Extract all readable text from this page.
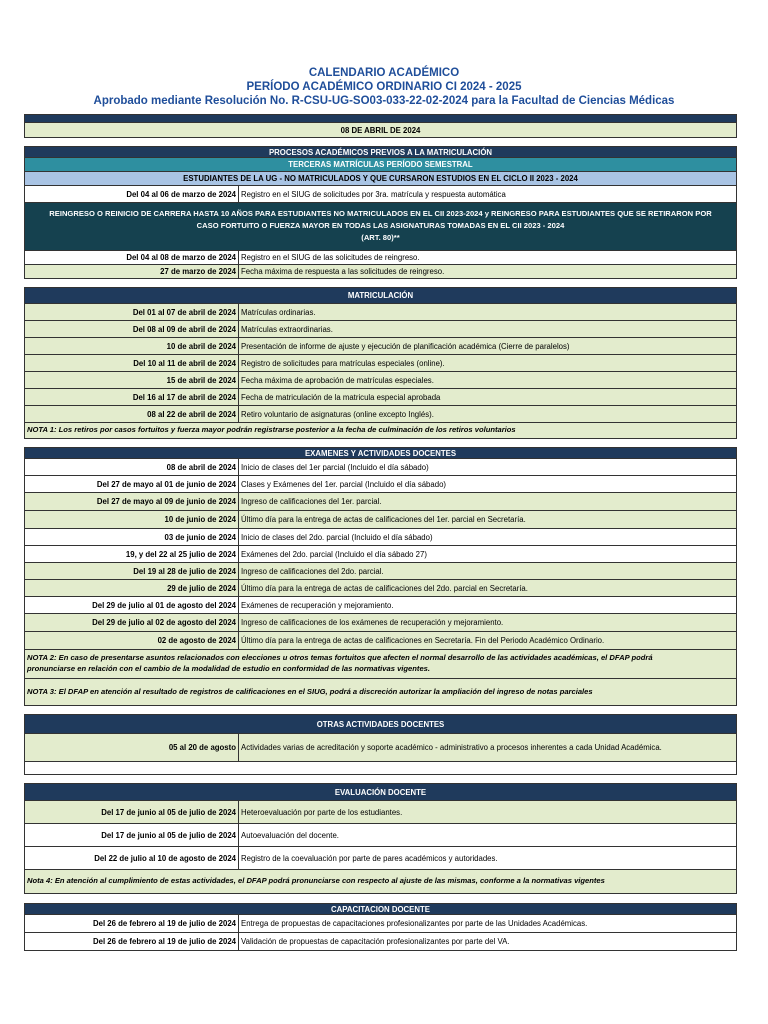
CALENDARIO ACADÉMICO
PERÍODO ACADÉMICO ORDINARIO CI 2024 - 2025
Aprobado mediante Resolución No. R-CSU-UG-SO03-033-22-02-2024 para la Facultad de Ciencias Médicas
08 DE ABRIL DE 2024
PROCESOS ACADÉMICOS PREVIOS A LA MATRICULACIÓN
TERCERAS MATRÍCULAS PERÍODO SEMESTRAL
ESTUDIANTES DE LA UG - NO MATRICULADOS Y QUE CURSARON ESTUDIOS EN EL CICLO II 2023 - 2024
Del 04 al 06 de marzo de 2024 Registro en el SIUG de solicitudes por 3ra. matrícula y respuesta automática
REINGRESO O REINICIO DE CARRERA HASTA 10 AÑOS PARA ESTUDIANTES NO MATRICULADOS EN EL CII 2023-2024 y REINGRESO PARA ESTUDIANTES QUE SE RETIRARON POR
CASO FORTUITO O FUERZA MAYOR EN TODAS LAS ASIGNATURAS TOMADAS EN EL CII 2023 - 2024
(ART. 80)**
Del 04 al 08 de marzo de 2024 Registro en el SIUG de las solicitudes de reingreso.
27 de marzo de 2024 Fecha máxima de respuesta a las solicitudes de reingreso.
MATRICULACIÓN
Del 01 al 07 de abril de 2024 Matrículas ordinarias.
Del 08 al 09 de abril de 2024 Matrículas extraordinarias.
10 de abril de 2024 Presentación de informe de ajuste y ejecución de planificación académica (Cierre de paralelos)
Del 10 al 11 de abril de 2024 Registro de solicitudes para matrículas especiales (online).
15 de abril de 2024 Fecha máxima de aprobación de matrículas especiales.
Del 16 al 17 de abril de 2024 Fecha de matriculación de la matricula especial aprobada
08 al 22 de abril de 2024 Retiro voluntario de asignaturas (online excepto Inglés).
NOTA 1: Los retiros por casos fortuitos y fuerza mayor podrán registrarse posterior a la fecha de culminación de los retiros voluntarios
EXAMENES Y ACTIVIDADES DOCENTES
08 de abril de 2024 Inicio de clases del 1er parcial (Incluido el día sábado)
Del 27 de mayo al 01 de junio de 2024 Clases y Exámenes del 1er. parcial (Incluido el día sábado)
Del 27 de mayo al 09 de junio de 2024 Ingreso de calificaciones del 1er. parcial.
10 de junio de 2024 Último día para la entrega de actas de calificaciones del 1er. parcial en Secretaría.
03 de junio de 2024 Inicio de clases del 2do. parcial (Incluido el día sábado)
19, y del 22 al 25 julio de 2024 Exámenes del 2do. parcial (Incluido el día sábado 27)
Del 19 al 28 de julio de 2024 Ingreso de calificaciones del 2do. parcial.
29 de julio de 2024 Último día para la entrega de actas de calificaciones del 2do. parcial en Secretaría.
Del 29 de julio al 01 de agosto del 2024 Exámenes de recuperación y mejoramiento.
Del 29 de julio al 02 de agosto del 2024 Ingreso de calificaciones de los exámenes de recuperación y mejoramiento.
02 de agosto de 2024 Último día para la entrega de actas de calificaciones en Secretaría. Fin del Periodo Académico Ordinario.
NOTA 2: En caso de presentarse asuntos relacionados con elecciones u otros temas fortuitos que afecten el normal desarrollo de las actividades académicas, el DFAP podrá
pronunciarse en relación con el cambio de la modalidad de estudio en conformidad de las normativas vigentes.
NOTA 3: El DFAP en atención al resultado de registros de calificaciones en el SIUG, podrá a discreción autorizar la ampliación del ingreso de notas parciales
OTRAS ACTIVIDADES DOCENTES
05 al 20 de agosto Actividades varias de acreditación y soporte académico - administrativo a procesos inherentes a cada Unidad Académica.
EVALUACIÓN DOCENTE
Del 17 de junio al 05 de julio de 2024 Heteroevaluación por parte de los estudiantes.
Del 17 de junio al 05 de julio de 2024 Autoevaluación del docente.
Del 22 de julio al 10 de agosto de 2024 Registro de la coevaluación por parte de pares académicos y autoridades.
Nota 4: En atención al cumplimiento de estas actividades, el DFAP podrá pronunciarse con respecto al ajuste de las mismas, conforme a la normativas vigentes
CAPACITACION DOCENTE
Del 26 de febrero al 19 de julio de 2024 Entrega de propuestas de capacitaciones profesionalizantes por parte de las Unidades Académicas.
Del 26 de febrero al 19 de julio de 2024 Validación de propuestas de capacitación profesionalizantes por parte del VA.
